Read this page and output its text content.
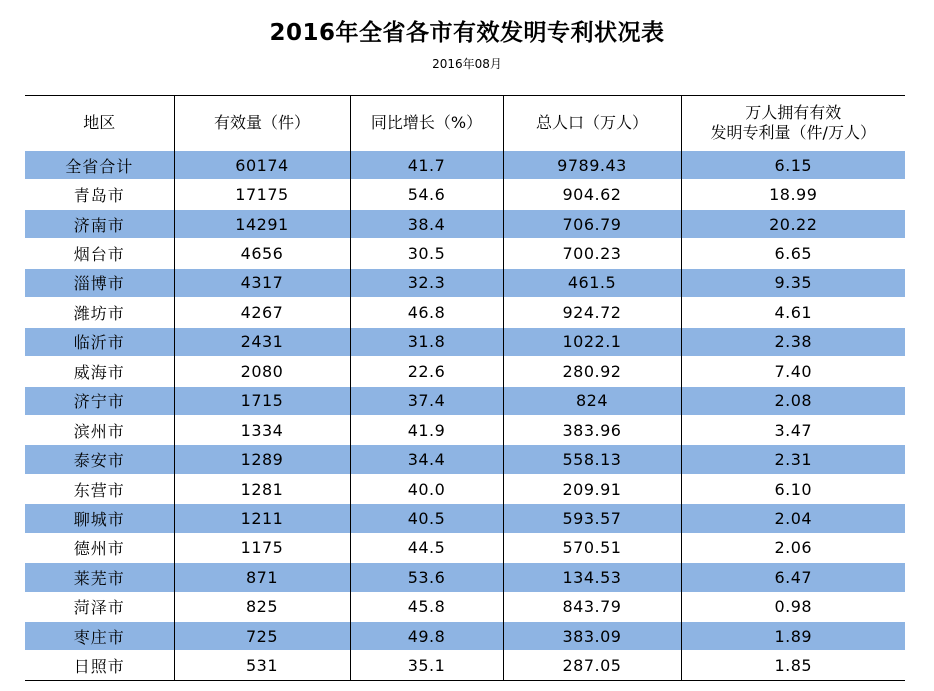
2016年全省各市有效发明专利状况表
2016年08月
地区	有效量（件）	同比增长（%）	总人口（万人）	万人拥有有效
发明专利量（件/万人）

全省合计	60174	41.7	9789.43	6.15
青岛市	17175	54.6	904.62	18.99
济南市	14291	38.4	706.79	20.22
烟台市	4656	30.5	700.23	6.65
淄博市	4317	32.3	461.5	9.35
潍坊市	4267	46.8	924.72	4.61
临沂市	2431	31.8	1022.1	2.38
威海市	2080	22.6	280.92	7.40
济宁市	1715	37.4	824	2.08
滨州市	1334	41.9	383.96	3.47
泰安市	1289	34.4	558.13	2.31
东营市	1281	40.0	209.91	6.10
聊城市	1211	40.5	593.57	2.04
德州市	1175	44.5	570.51	2.06
莱芜市	871	53.6	134.53	6.47
菏泽市	825	45.8	843.79	0.98
枣庄市	725	49.8	383.09	1.89
日照市	531	35.1	287.05	1.85
